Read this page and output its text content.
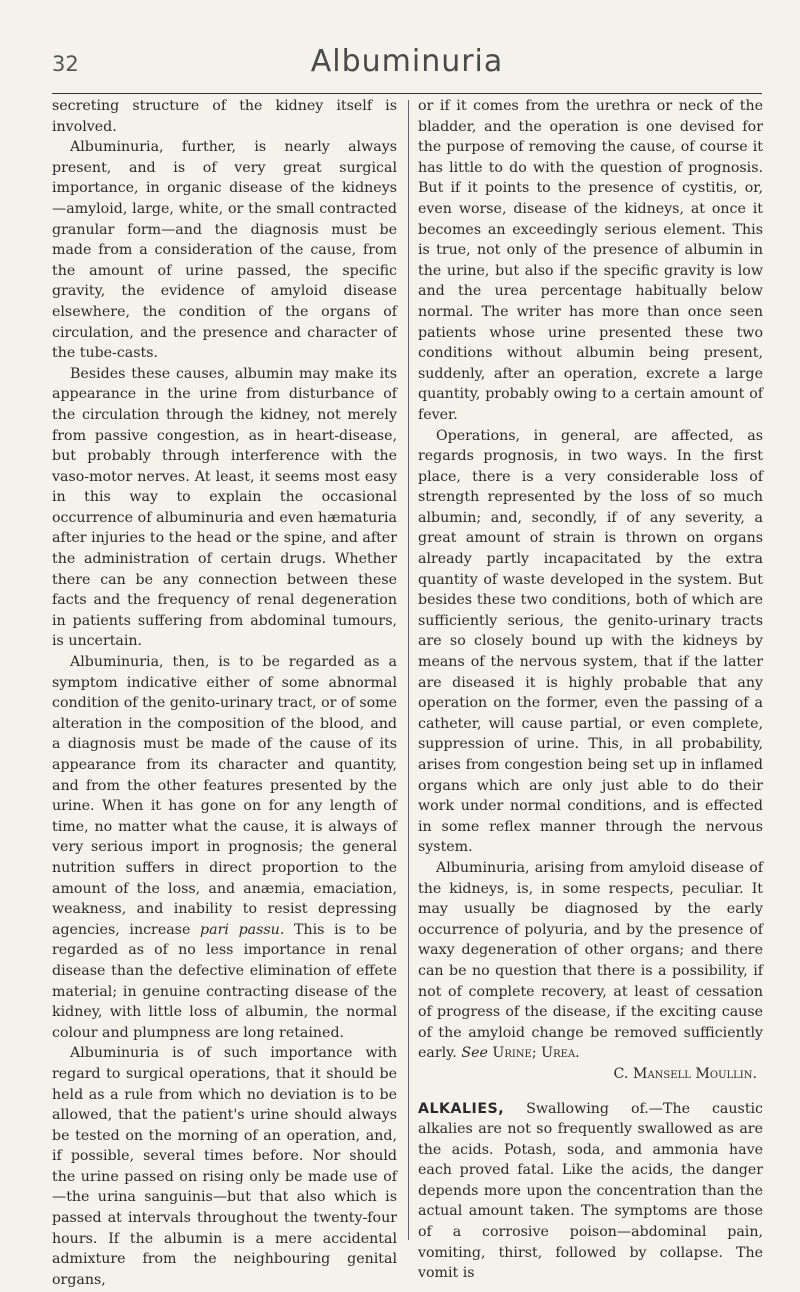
32	Albuminuria

secreting structure of the kidney itself is involved.

Albuminuria, further, is nearly always present, and is of very great surgical importance, in organic disease of the kidneys —amyloid, large, white, or the small contracted granular form—and the diagnosis must be made from a consideration of the cause, from the amount of urine passed, the specific gravity, the evidence of amyloid disease elsewhere, the condition of the organs of circulation, and the presence and character of the tube-casts.

Besides these causes, albumin may make its appearance in the urine from disturbance of the circulation through the kidney, not merely from passive congestion, as in heart-disease, but probably through interference with the vaso-motor nerves. At least, it seems most easy in this way to explain the occasional occurrence of albuminuria and even hæmaturia after injuries to the head or the spine, and after the administration of certain drugs. Whether there can be any connection between these facts and the frequency of renal degeneration in patients suffering from abdominal tumours, is uncertain.

Albuminuria, then, is to be regarded as a symptom indicative either of some abnormal condition of the genito-urinary tract, or of some alteration in the composition of the blood, and a diagnosis must be made of the cause of its appearance from its character and quantity, and from the other features presented by the urine. When it has gone on for any length of time, no matter what the cause, it is always of very serious import in prognosis; the general nutrition suffers in direct proportion to the amount of the loss, and anæmia, emaciation, weakness, and inability to resist depressing agencies, increase pari passu. This is to be regarded as of no less importance in renal disease than the defective elimination of effete material; in genuine contracting disease of the kidney, with little loss of albumin, the normal colour and plumpness are long retained.

Albuminuria is of such importance with regard to surgical operations, that it should be held as a rule from which no deviation is to be allowed, that the patient's urine should always be tested on the morning of an operation, and, if possible, several times before. Nor should the urine passed on rising only be made use of—the urina sanguinis—but that also which is passed at intervals throughout the twenty-four hours. If the albumin is a mere accidental admixture from the neighbouring genital organs,

or if it comes from the urethra or neck of the bladder, and the operation is one devised for the purpose of removing the cause, of course it has little to do with the question of prognosis. But if it points to the presence of cystitis, or, even worse, disease of the kidneys, at once it becomes an exceedingly serious element. This is true, not only of the presence of albumin in the urine, but also if the specific gravity is low and the urea percentage habitually below normal. The writer has more than once seen patients whose urine presented these two conditions without albumin being present, suddenly, after an operation, excrete a large quantity, probably owing to a certain amount of fever.

Operations, in general, are affected, as regards prognosis, in two ways. In the first place, there is a very considerable loss of strength represented by the loss of so much albumin; and, secondly, if of any severity, a great amount of strain is thrown on organs already partly incapacitated by the extra quantity of waste developed in the system. But besides these two conditions, both of which are sufficiently serious, the genito-urinary tracts are so closely bound up with the kidneys by means of the nervous system, that if the latter are diseased it is highly probable that any operation on the former, even the passing of a catheter, will cause partial, or even complete, suppression of urine. This, in all probability, arises from congestion being set up in inflamed organs which are only just able to do their work under normal conditions, and is effected in some reflex manner through the nervous system.

Albuminuria, arising from amyloid disease of the kidneys, is, in some respects, peculiar. It may usually be diagnosed by the early occurrence of polyuria, and by the presence of waxy degeneration of other organs; and there can be no question that there is a possibility, if not of complete recovery, at least of cessation of progress of the disease, if the exciting cause of the amyloid change be removed sufficiently early. See Urine; Urea.

C. Mansell Moullin.

ALKALIES, Swallowing of.—The caustic alkalies are not so frequently swallowed as are the acids. Potash, soda, and ammonia have each proved fatal. Like the acids, the danger depends more upon the concentration than the actual amount taken. The symptoms are those of a corrosive poison—abdominal pain, vomiting, thirst, followed by collapse. The vomit is
